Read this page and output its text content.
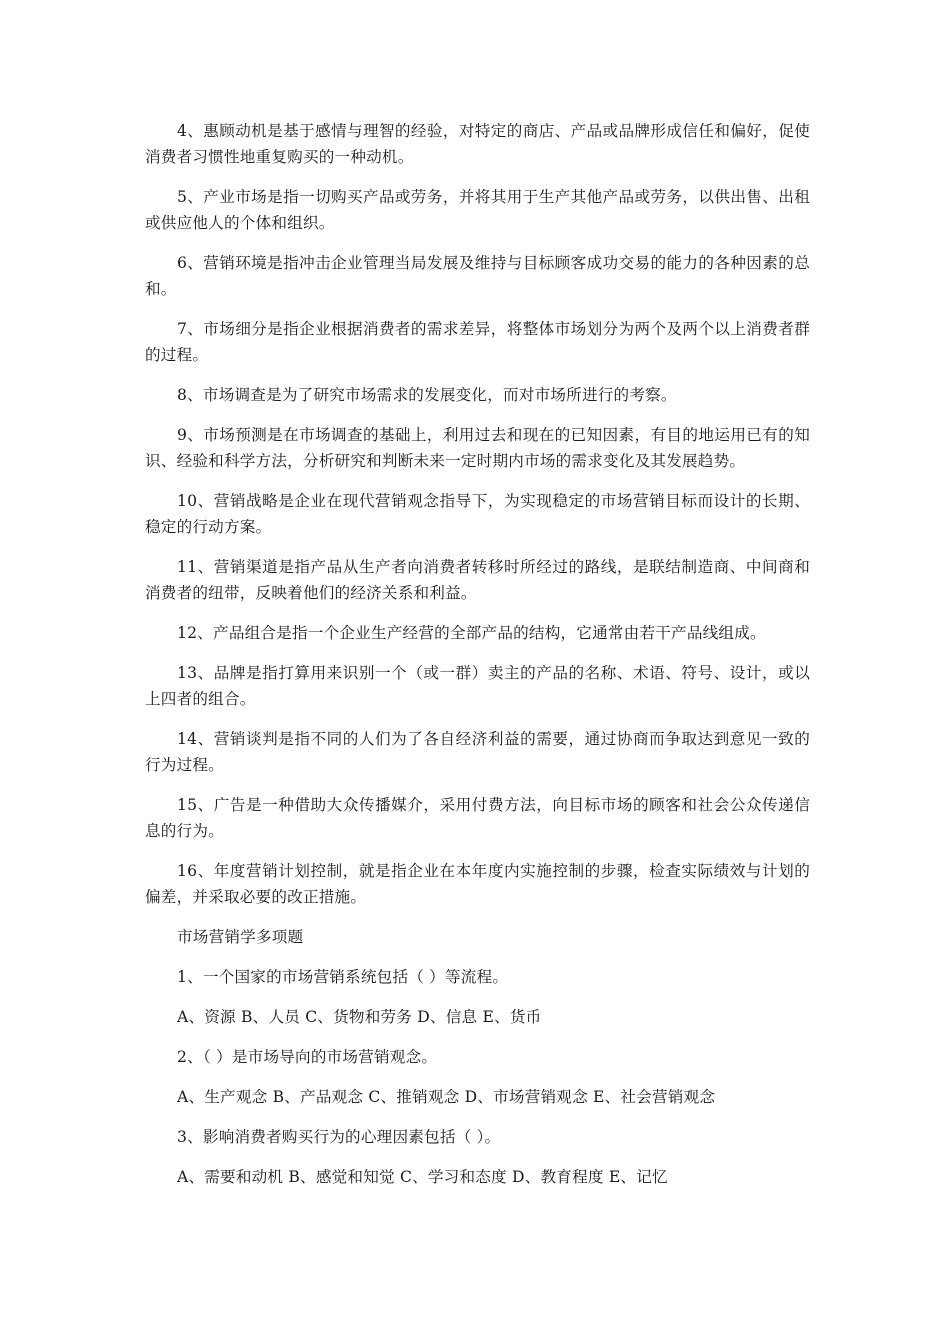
4、惠顾动机是基于感情与理智的经验，对特定的商店、产品或品牌形成信任和偏好，促使消费者习惯性地重复购买的一种动机。

5、产业市场是指一切购买产品或劳务，并将其用于生产其他产品或劳务，以供出售、出租或供应他人的个体和组织。

6、营销环境是指冲击企业管理当局发展及维持与目标顾客成功交易的能力的各种因素的总和。

7、市场细分是指企业根据消费者的需求差异，将整体市场划分为两个及两个以上消费者群的过程。

8、市场调查是为了研究市场需求的发展变化，而对市场所进行的考察。

9、市场预测是在市场调查的基础上，利用过去和现在的已知因素，有目的地运用已有的知识、经验和科学方法，分析研究和判断未来一定时期内市场的需求变化及其发展趋势。

10、营销战略是企业在现代营销观念指导下，为实现稳定的市场营销目标而设计的长期、稳定的行动方案。

11、营销渠道是指产品从生产者向消费者转移时所经过的路线，是联结制造商、中间商和消费者的纽带，反映着他们的经济关系和利益。

12、产品组合是指一个企业生产经营的全部产品的结构，它通常由若干产品线组成。

13、品牌是指打算用来识别一个（或一群）卖主的产品的名称、术语、符号、设计，或以上四者的组合。

14、营销谈判是指不同的人们为了各自经济利益的需要，通过协商而争取达到意见一致的行为过程。

15、广告是一种借助大众传播媒介，采用付费方法，向目标市场的顾客和社会公众传递信息的行为。

16、年度营销计划控制，就是指企业在本年度内实施控制的步骤，检查实际绩效与计划的偏差，并采取必要的改正措施。

市场营销学多项题

1、一个国家的市场营销系统包括（ ）等流程。

A、资源 B、人员 C、货物和劳务 D、信息 E、货币

2、（ ）是市场导向的市场营销观念。

A、生产观念 B、产品观念 C、推销观念 D、市场营销观念 E、社会营销观念

3、影响消费者购买行为的心理因素包括（ ）。

A、需要和动机 B、感觉和知觉 C、学习和态度 D、教育程度 E、记忆
